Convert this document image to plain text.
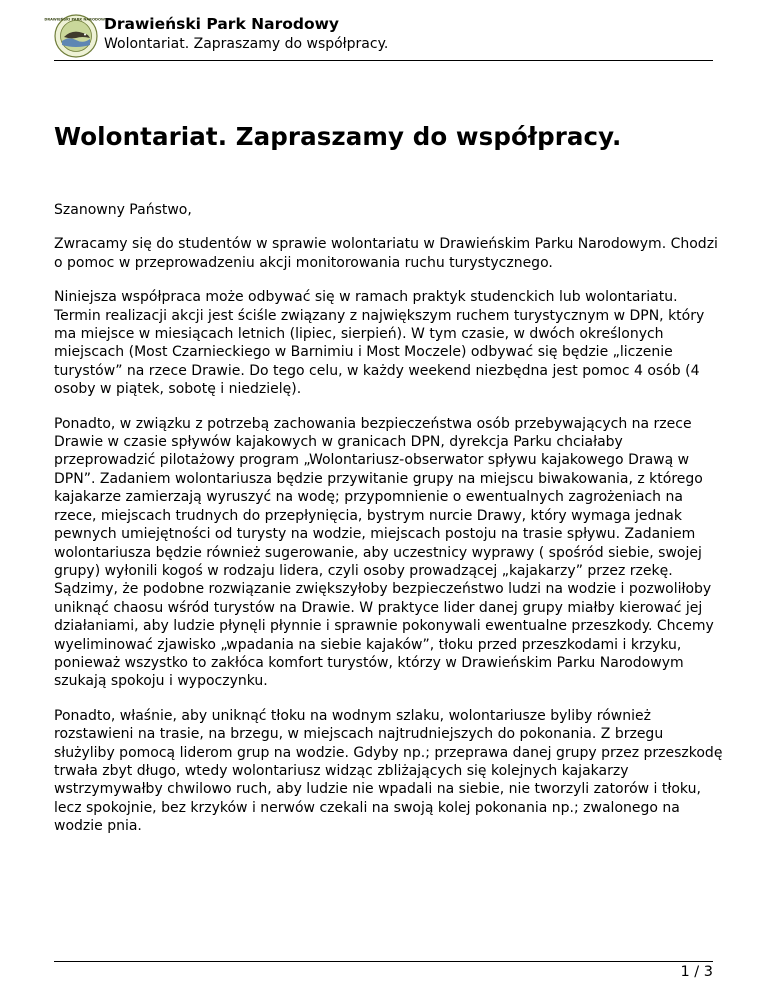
DRAWIEŃSKI PARK NARODOWY
Drawieński Park Narodowy
Wolontariat. Zapraszamy do współpracy.
Wolontariat. Zapraszamy do współpracy.

Szanowny Państwo,

Zwracamy się do studentów w sprawie wolontariatu w Drawieńskim Parku Narodowym. Chodzi o pomoc w przeprowadzeniu akcji monitorowania ruchu turystycznego.

Niniejsza współpraca może odbywać się w ramach praktyk studenckich lub wolontariatu. Termin realizacji akcji jest ściśle związany z największym ruchem turystycznym w DPN, który ma miejsce w miesiącach letnich (lipiec, sierpień). W tym czasie, w dwóch określonych miejscach (Most Czarnieckiego w Barnimiu i Most Moczele) odbywać się będzie „liczenie turystów” na rzece Drawie. Do tego celu, w każdy weekend niezbędna jest pomoc 4 osób (4 osoby w piątek, sobotę i niedzielę).

Ponadto, w związku z potrzebą zachowania bezpieczeństwa osób przebywających na rzece Drawie w czasie spływów kajakowych w granicach DPN, dyrekcja Parku chciałaby przeprowadzić pilotażowy program „Wolontariusz-obserwator spływu kajakowego Drawą w DPN”. Zadaniem wolontariusza będzie przywitanie grupy na miejscu biwakowania, z którego kajakarze zamierzają wyruszyć na wodę; przypomnienie o ewentualnych zagrożeniach na rzece, miejscach trudnych do przepłynięcia, bystrym nurcie Drawy, który wymaga jednak pewnych umiejętności od turysty na wodzie, miejscach postoju na trasie spływu. Zadaniem wolontariusza będzie również sugerowanie, aby uczestnicy wyprawy ( spośród siebie, swojej grupy) wyłonili kogoś w rodzaju lidera, czyli osoby prowadzącej „kajakarzy” przez rzekę. Sądzimy, że podobne rozwiązanie zwiększyłoby bezpieczeństwo ludzi na wodzie i pozwoliłoby uniknąć chaosu wśród turystów na Drawie. W praktyce lider danej grupy miałby kierować jej działaniami, aby ludzie płynęli płynnie i sprawnie pokonywali ewentualne przeszkody. Chcemy wyeliminować zjawisko „wpadania na siebie kajaków”, tłoku przed przeszkodami i krzyku, ponieważ wszystko to zakłóca komfort turystów, którzy w Drawieńskim Parku Narodowym szukają spokoju i wypoczynku.

Ponadto, właśnie, aby uniknąć tłoku na wodnym szlaku, wolontariusze byliby również rozstawieni na trasie, na brzegu, w miejscach najtrudniejszych do pokonania. Z brzegu służyliby pomocą liderom grup na wodzie. Gdyby np.; przeprawa danej grupy przez przeszkodę trwała zbyt długo, wtedy wolontariusz widząc zbliżających się kolejnych kajakarzy wstrzymywałby chwilowo ruch, aby ludzie nie wpadali na siebie, nie tworzyli zatorów i tłoku, lecz spokojnie, bez krzyków i nerwów czekali na swoją kolej pokonania np.; zwalonego na wodzie pnia.

1 / 3
